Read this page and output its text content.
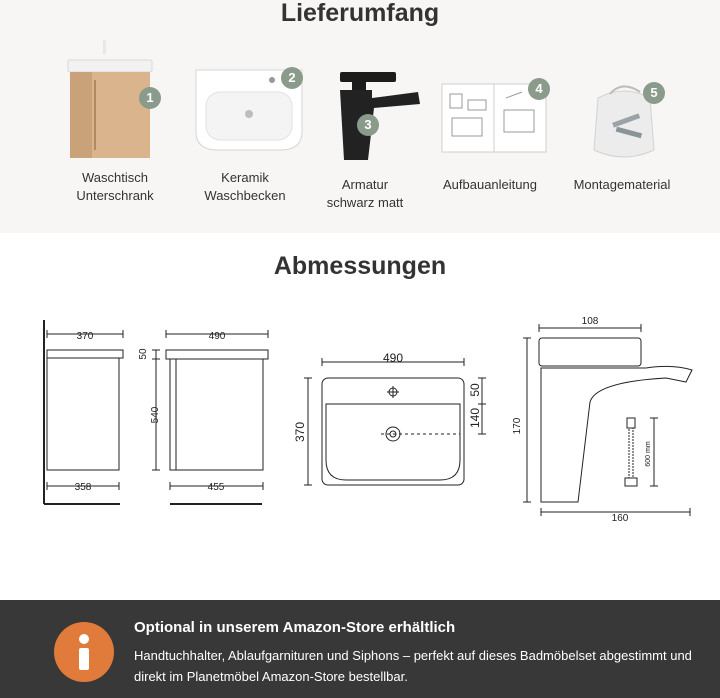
Lieferumfang
1
2
3
4	5
Waschtisch
Unterschrank
Keramik
Waschbecken
Armatur
schwarz matt
Aufbauanleitung	Montagematerial
Abmessungen
370
358
490
455
50
540
490
370
50
140
108
170
160
600 mm

Optional in unserem Amazon-Store erhältlich

Handtuchhalter, Ablaufgarnituren und Siphons – perfekt auf dieses Badmöbelset abgestimmt und direkt im Planetmöbel Amazon-Store bestellbar.
